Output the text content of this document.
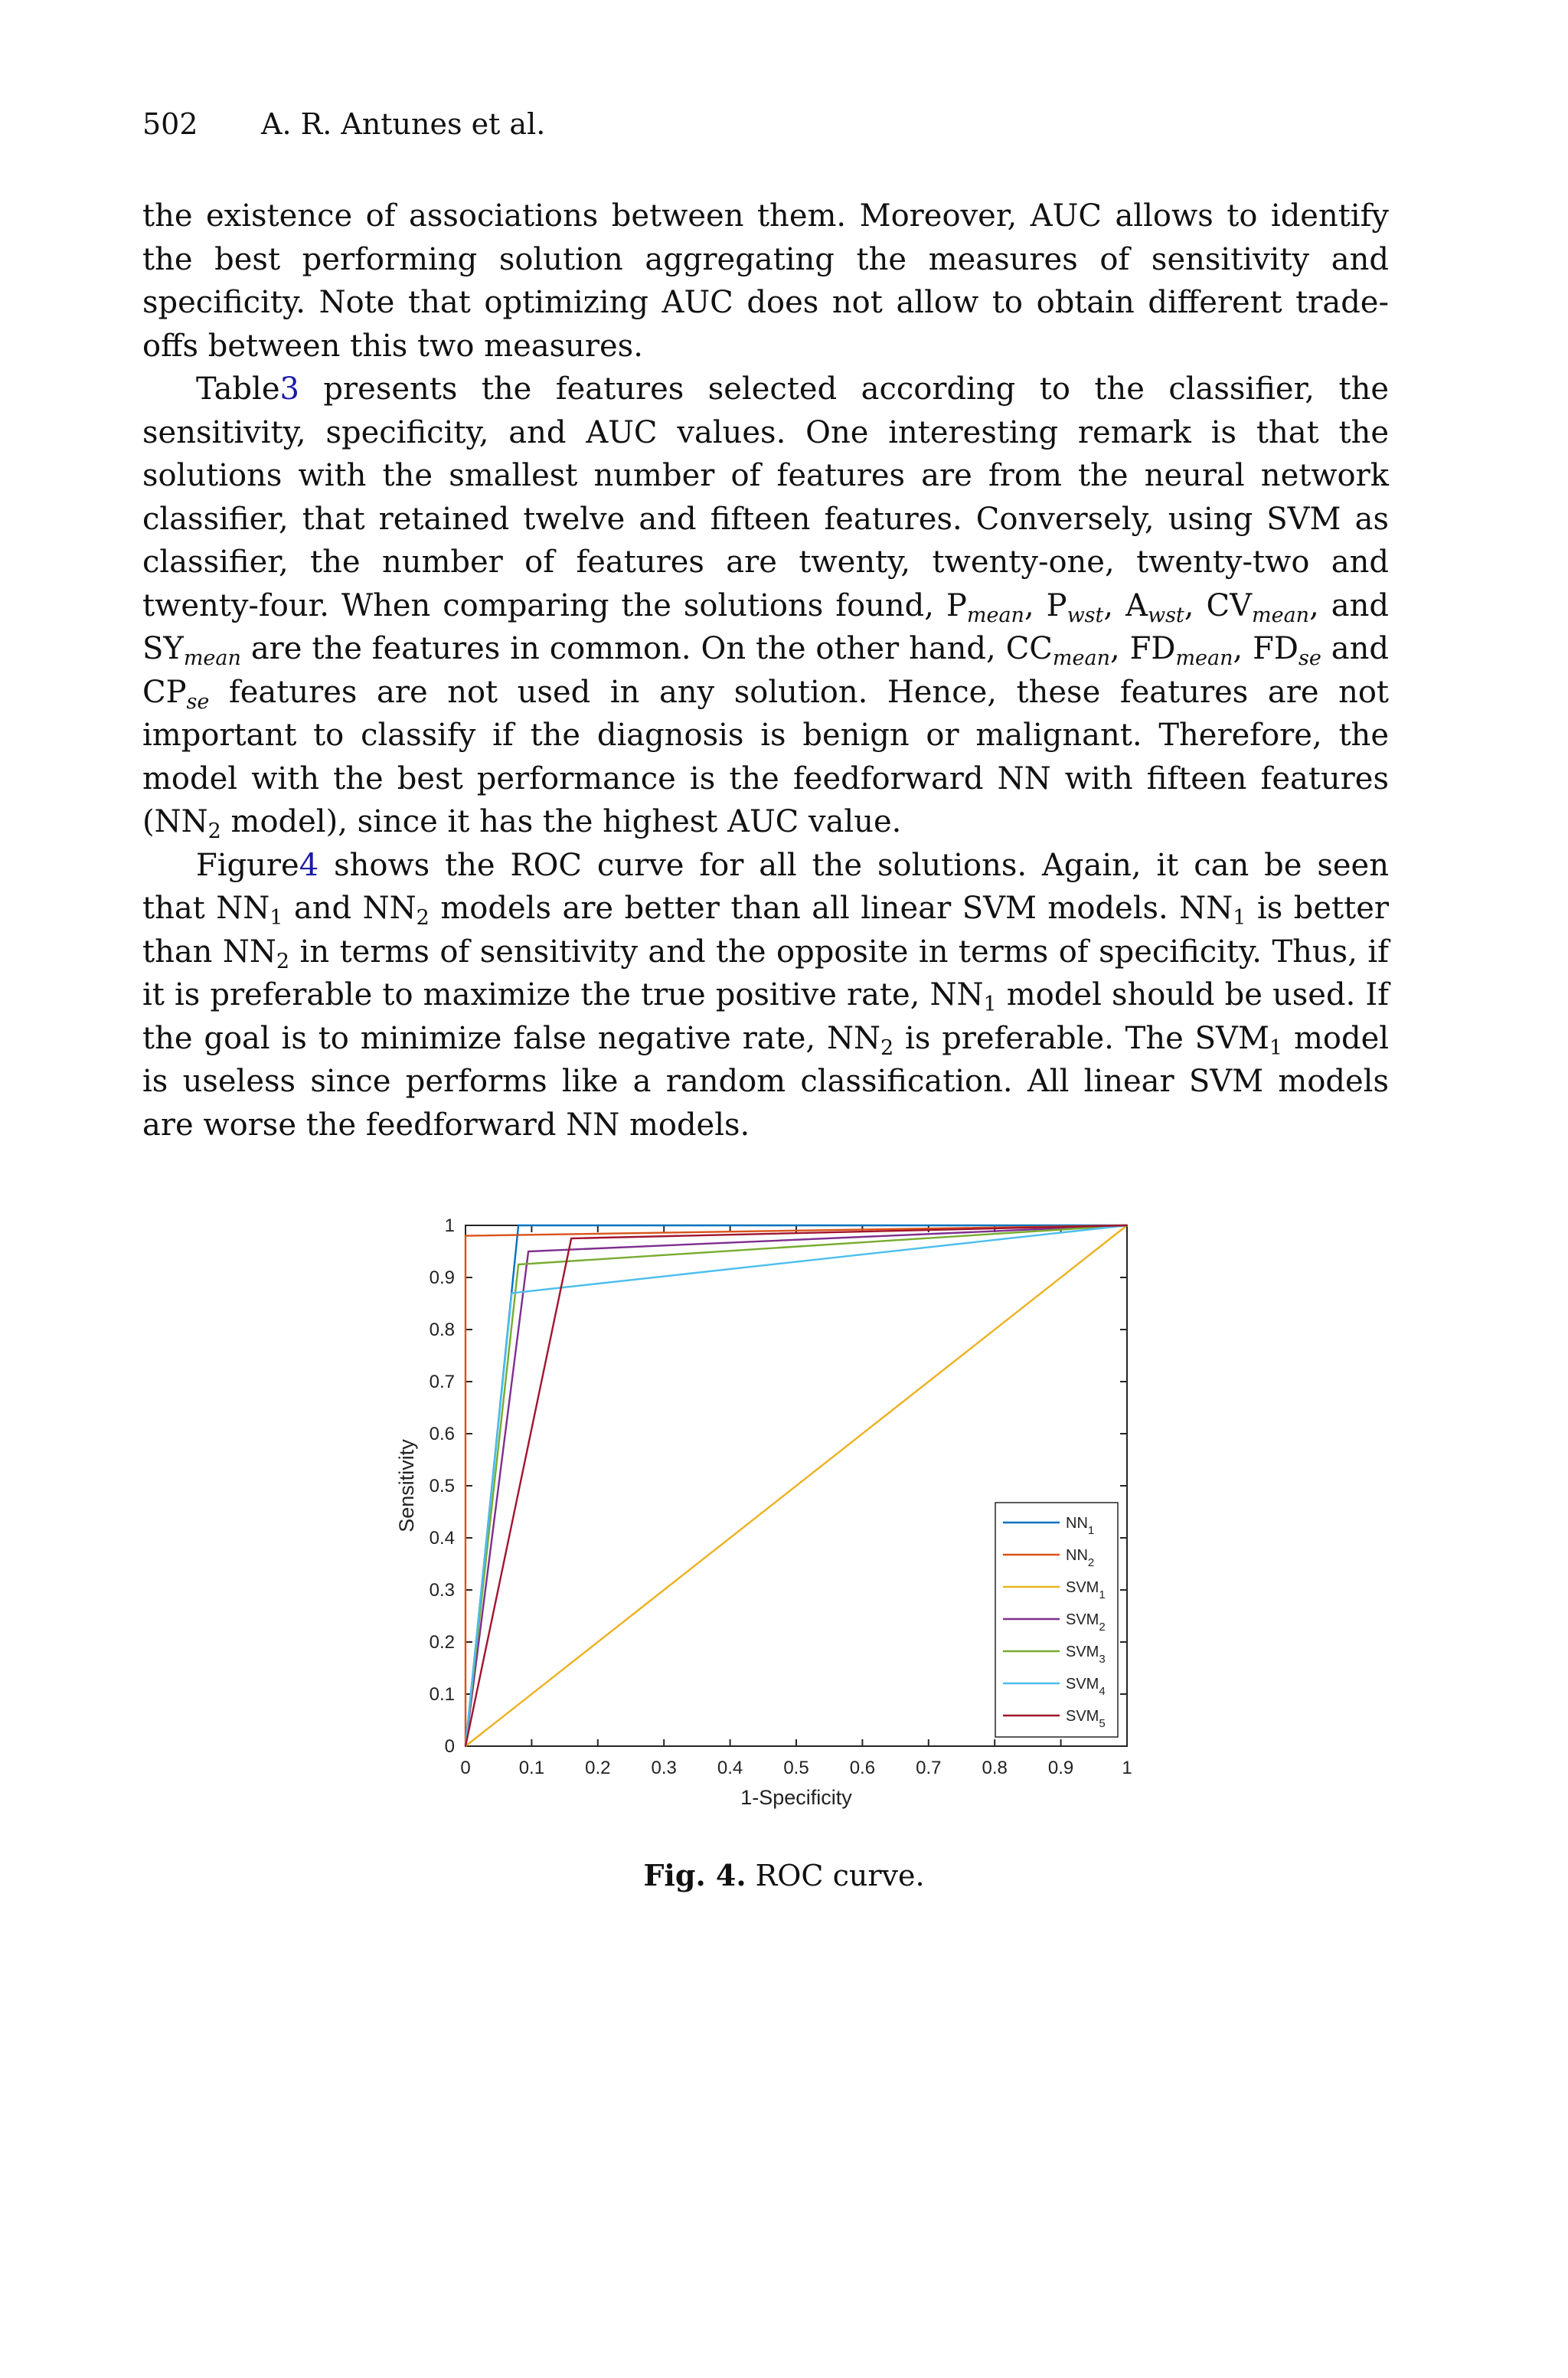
502 A. R. Antunes et al.

the existence of associations between them. Moreover, AUC allows to identify the best performing solution aggregating the measures of sensitivity and specificity. Note that optimizing AUC does not allow to obtain different trade-offs between this two measures.

Table3 presents the features selected according to the classifier, the sensitivity, specificity, and AUC values. One interesting remark is that the solutions with the smallest number of features are from the neural network classifier, that retained twelve and fifteen features. Conversely, using SVM as classifier, the number of features are twenty, twenty-one, twenty-two and twenty-four. When comparing the solutions found, $P_{mean}$, $P_{wst}$, $A_{wst}$, $CV_{mean}$, and $SY_{mean}$ are the features in common. On the other hand, $CC_{mean}$, $FD_{mean}$, $FD_{se}$ and $CP_{se}$ features are not used in any solution. Hence, these features are not important to classify if the diagnosis is benign or malignant. Therefore, the model with the best performance is the feedforward NN with fifteen features ($NN_2$ model), since it has the highest AUC value.

Figure4 shows the ROC curve for all the solutions. Again, it can be seen that $NN_1$ and $NN_2$ models are better than all linear SVM models. $NN_1$ is better than $NN_2$ in terms of sensitivity and the opposite in terms of specificity. Thus, if it is preferable to maximize the true positive rate, $NN_1$ model should be used. If the goal is to minimize false negative rate, $NN_2$ is preferable. The $SVM_1$ model is useless since performs like a random classification. All linear SVM models are worse the feedforward NN models.

0	0.1 0.2 0.3 0.4 0.5 0.6 0.7 0.8 0.9	1
0
0.1
0.2
0.3
0.4
0.5
0.6
0.7
0.8
0.9
1
$NN_1$
$NN_2$
$SVM_1$
$SVM_2$
$SVM_3$
$SVM_4$
$SVM_5$
1-Specificity
Sensitivity
Fig. 4. ROC curve.
